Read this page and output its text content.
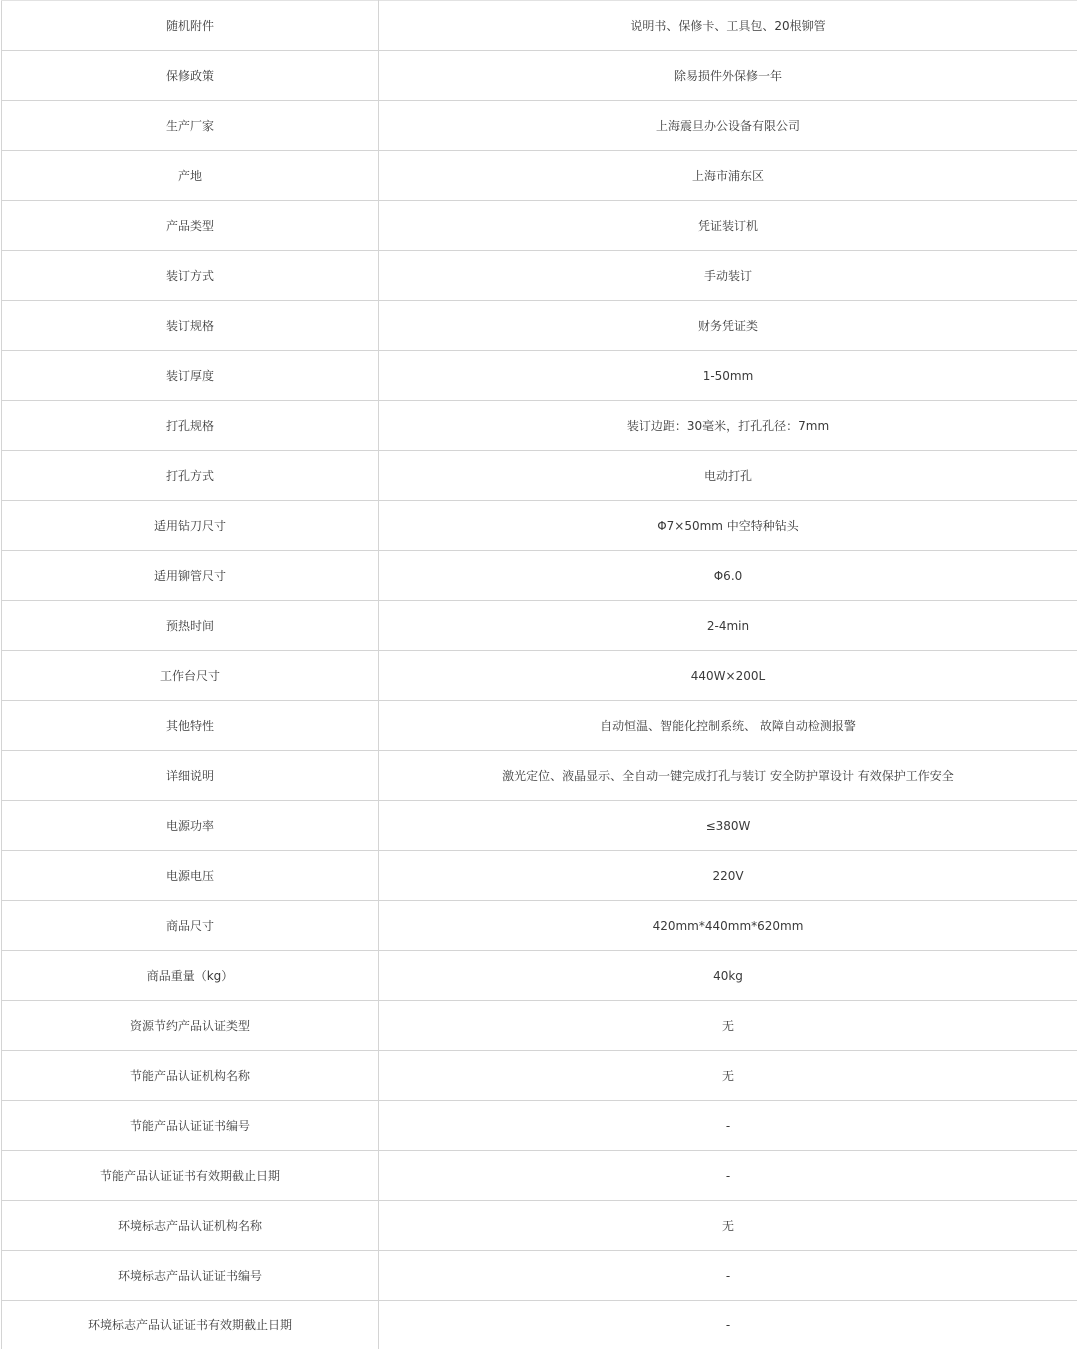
随机附件	说明书、保修卡、工具包、20根铆管
保修政策	除易损件外保修一年
生产厂家	上海震旦办公设备有限公司
产地	上海市浦东区
产品类型	凭证装订机
装订方式	手动装订
装订规格	财务凭证类
装订厚度	1-50mm
打孔规格	装订边距：30毫米，打孔孔径：7mm
打孔方式	电动打孔
适用钻刀尺寸	Φ7×50mm 中空特种钻头
适用铆管尺寸	Φ6.0
预热时间	2-4min
工作台尺寸	440W×200L
其他特性	自动恒温、智能化控制系统、 故障自动检测报警
详细说明	激光定位、液晶显示、全自动一键完成打孔与装订 安全防护罩设计 有效保护工作安全
电源功率	≤380W
电源电压	220V
商品尺寸	420mm*440mm*620mm
商品重量（kg）	40kg
资源节约产品认证类型	无
节能产品认证机构名称	无
节能产品认证证书编号	-
节能产品认证证书有效期截止日期	-
环境标志产品认证机构名称	无
环境标志产品认证证书编号	-
环境标志产品认证证书有效期截止日期	-
